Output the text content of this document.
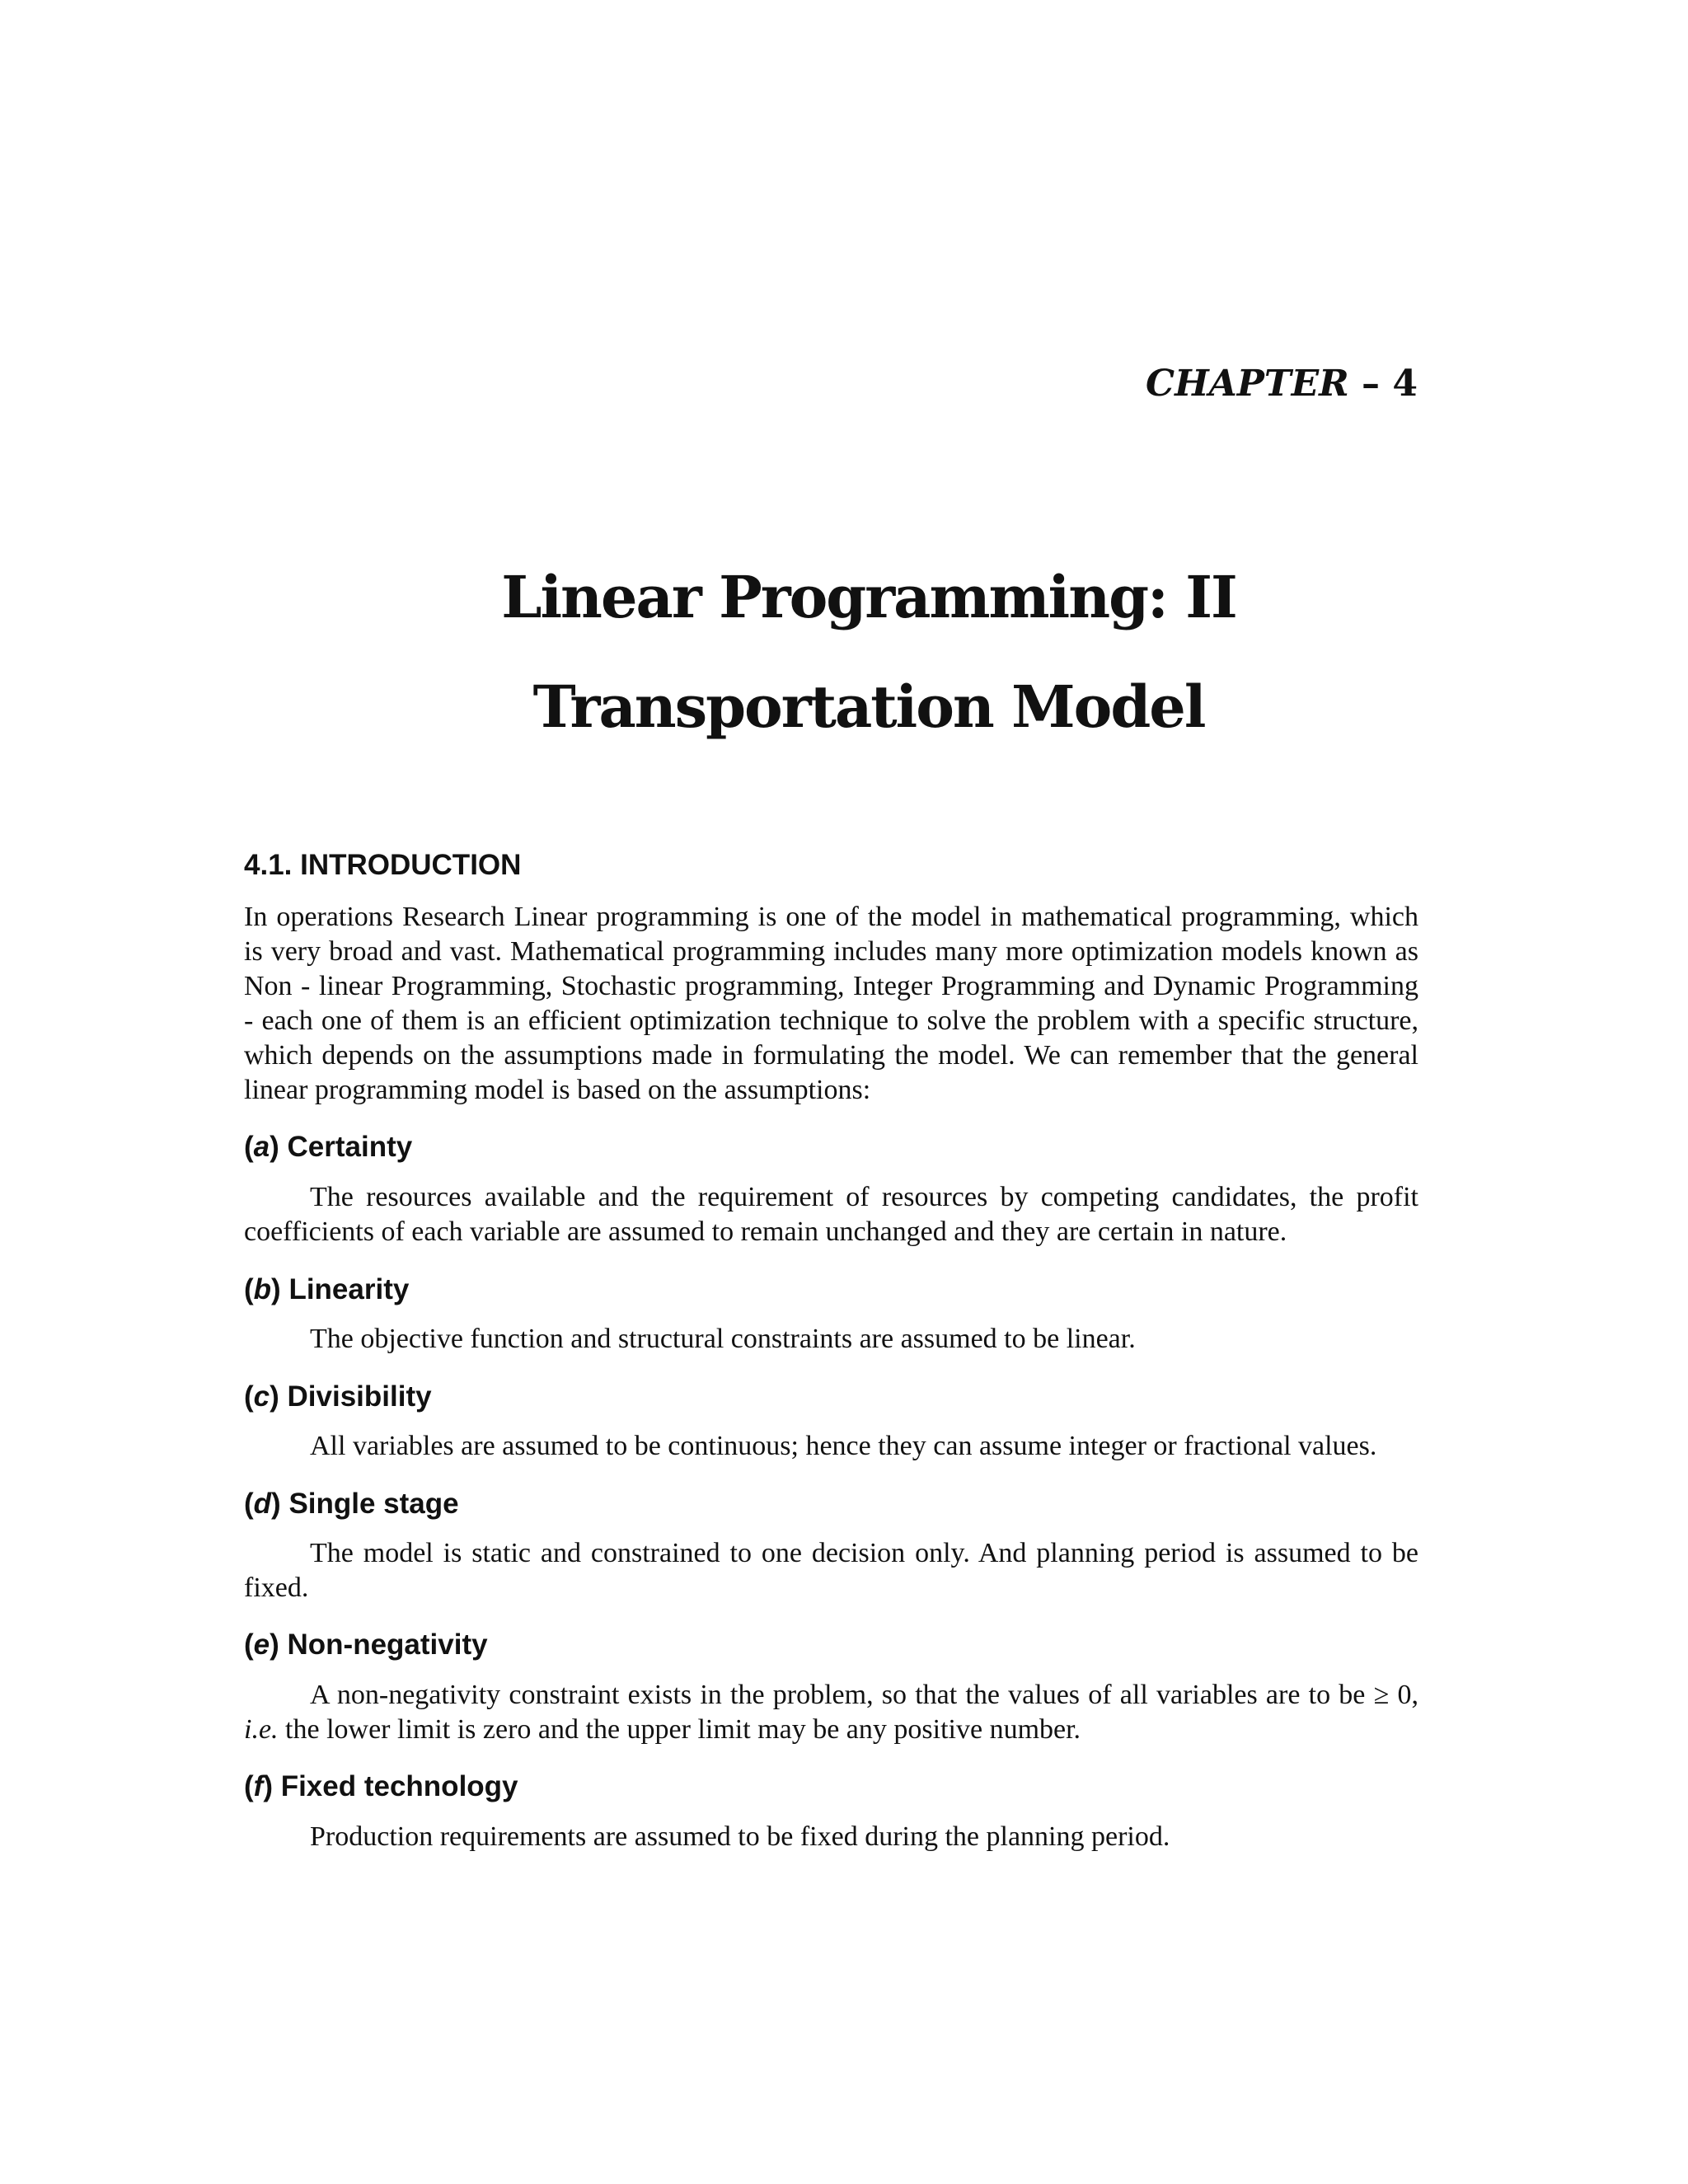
CHAPTER – 4
Linear Programming: II
Transportation Model
4.1. INTRODUCTION
In operations Research Linear programming is one of the model in mathematical programming, which
is very broad and vast. Mathematical programming includes many more optimization models known as
Non - linear Programming, Stochastic programming, Integer Programming and Dynamic Programming
- each one of them is an efficient optimization technique to solve the problem with a specific structure,
which depends on the assumptions made in formulating the model. We can remember that the general
linear programming model is based on the assumptions:
(a) Certainty
The resources available and the requirement of resources by competing candidates, the profit
coefficients of each variable are assumed to remain unchanged and they are certain in nature.
(b) Linearity
The objective function and structural constraints are assumed to be linear.
(c) Divisibility
All variables are assumed to be continuous; hence they can assume integer or fractional values.
(d) Single stage
The model is static and constrained to one decision only. And planning period is assumed to be
fixed.
(e) Non-negativity
A non-negativity constraint exists in the problem, so that the values of all variables are to be ≥ 0,
i.e. the lower limit is zero and the upper limit may be any positive number.
(f) Fixed technology
Production requirements are assumed to be fixed during the planning period.
